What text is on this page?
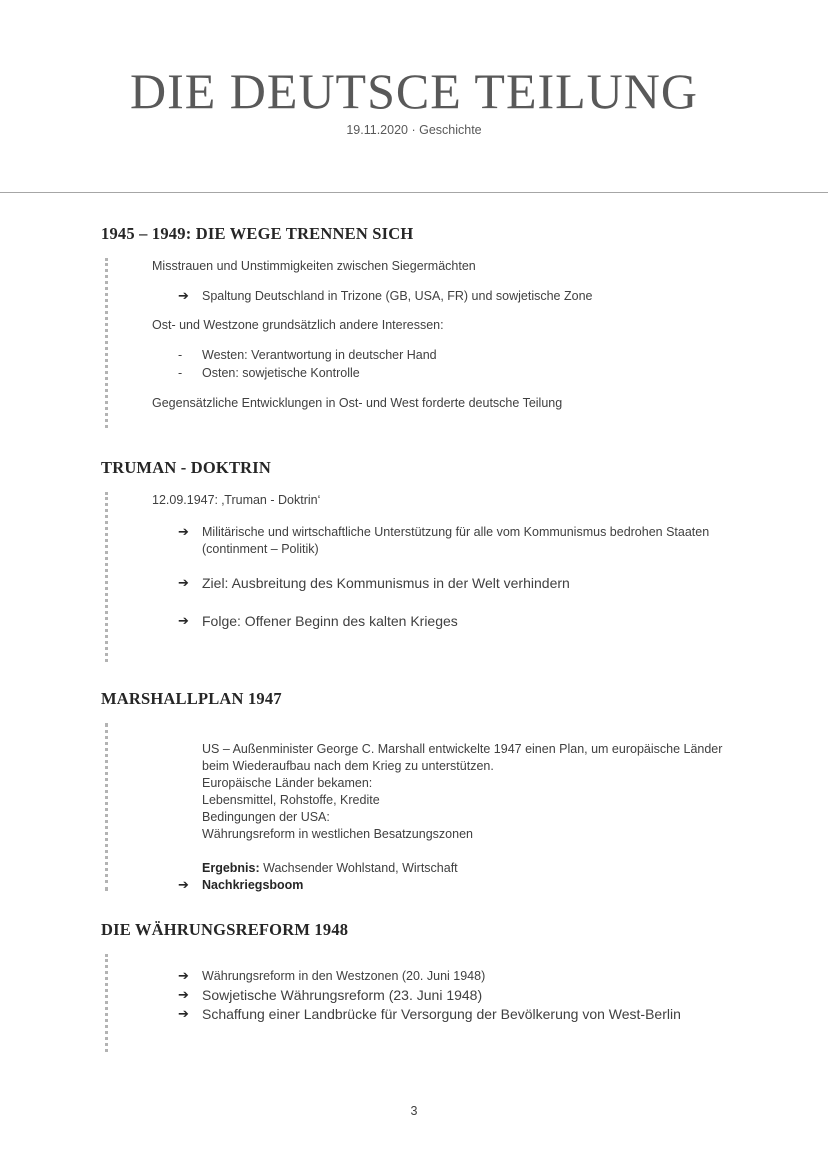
DIE DEUTSCE TEILUNG
19.11.2020 · Geschichte
1945 – 1949: DIE WEGE TRENNEN SICH
Misstrauen und Unstimmigkeiten zwischen Siegermächten
➔ Spaltung Deutschland in Trizone (GB, USA, FR) und sowjetische Zone
Ost- und Westzone grundsätzlich andere Interessen:
- Westen: Verantwortung in deutscher Hand
- Osten: sowjetische Kontrolle
Gegensätzliche Entwicklungen in Ost- und West forderte deutsche Teilung
TRUMAN - DOKTRIN
12.09.1947: ‚Truman - Doktrin‘
➔ Militärische und wirtschaftliche Unterstützung für alle vom Kommunismus bedrohen Staaten
(continment – Politik)
➔ Ziel: Ausbreitung des Kommunismus in der Welt verhindern
➔ Folge: Offener Beginn des kalten Krieges
MARSHALLPLAN 1947
US – Außenminister George C. Marshall entwickelte 1947 einen Plan, um europäische Länder
beim Wiederaufbau nach dem Krieg zu unterstützen.
Europäische Länder bekamen:
Lebensmittel, Rohstoffe, Kredite
Bedingungen der USA:
Währungsreform in westlichen Besatzungszonen
Ergebnis: Wachsender Wohlstand, Wirtschaft
➔ Nachkriegsboom
DIE WÄHRUNGSREFORM 1948
➔ Währungsreform in den Westzonen (20. Juni 1948)
➔ Sowjetische Währungsreform (23. Juni 1948)
➔ Schaffung einer Landbrücke für Versorgung der Bevölkerung von West-Berlin
3
